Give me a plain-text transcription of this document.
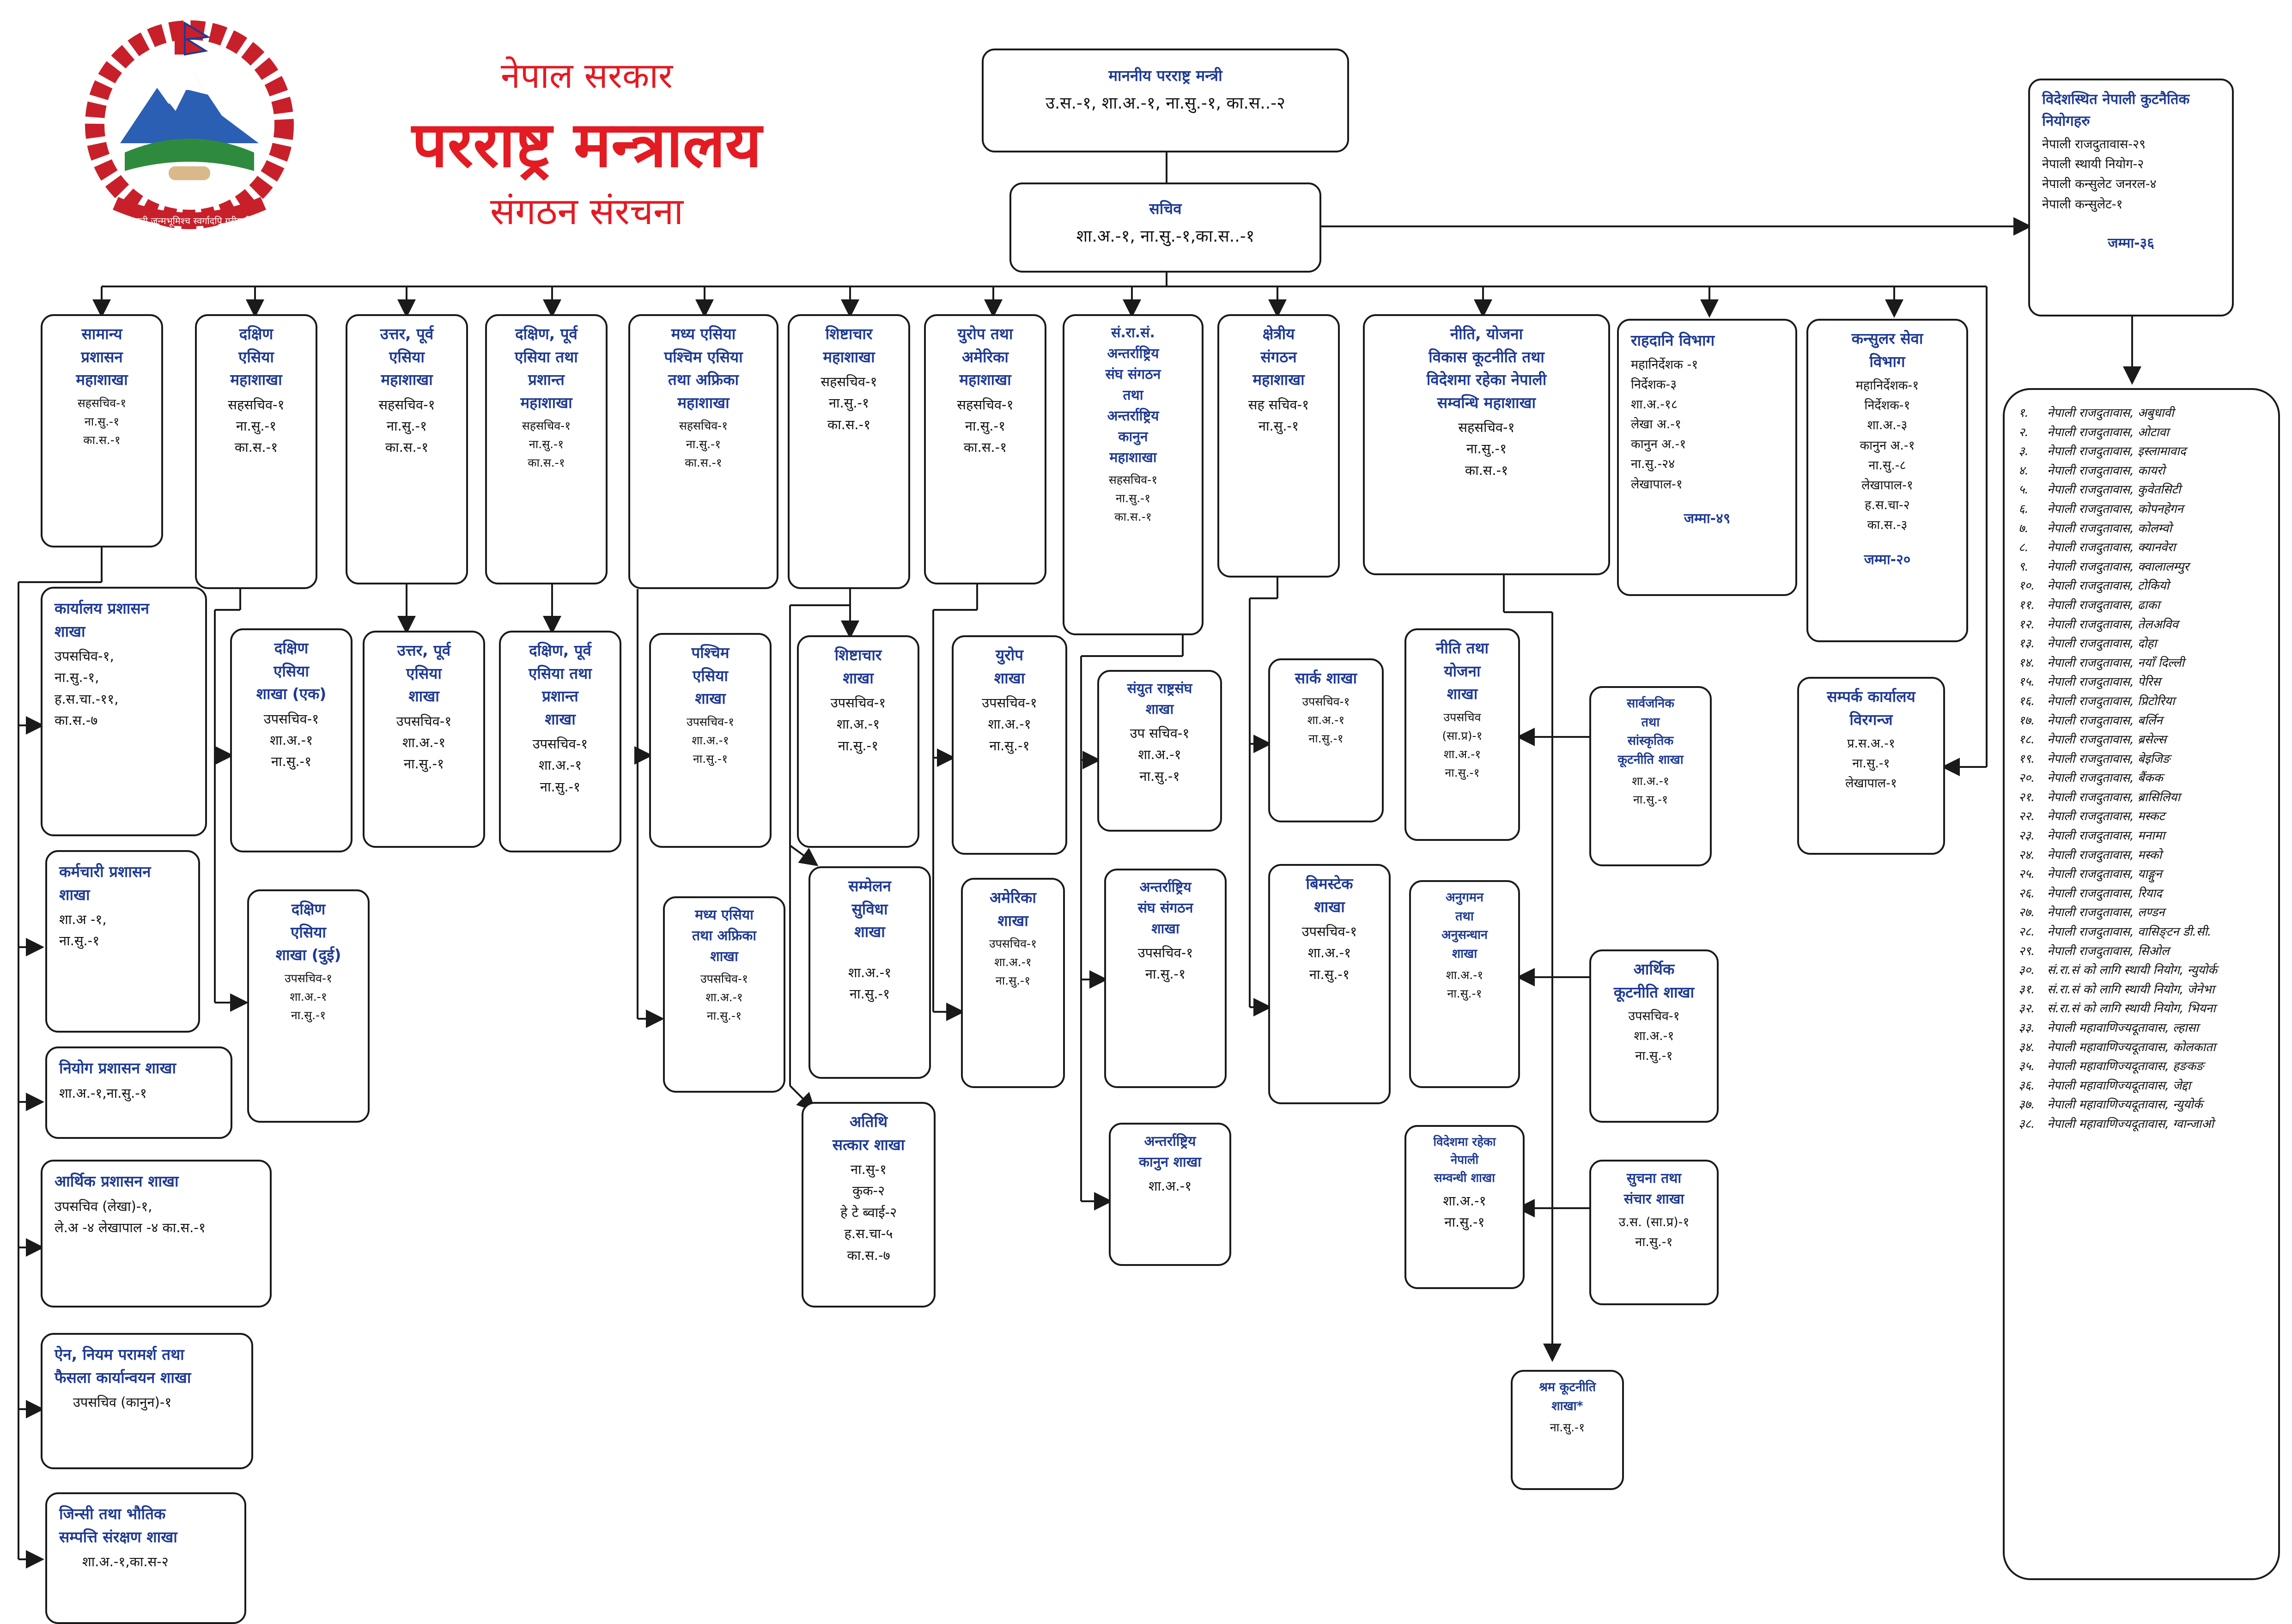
जननी जन्मभूमिश्च स्वर्गादपि गरीयसी
नेपाल सरकार
परराष्ट्र मन्त्रालय
संगठन संरचना
माननीय परराष्ट्र मन्त्री
उ.स.-१, शा.अ.-१, ना.सु.-१, का.स..-२
सचिव
शा.अ.-१, ना.सु.-१,का.स..-१
विदेशस्थित नेपाली कुटनैतिक नियोगहरु
नेपाली राजदुतावास-२९
नेपाली स्थायी नियोग-२
नेपाली कन्सुलेट जनरल-४
नेपाली कन्सुलेट-१
जम्मा-३६
१. नेपाली राजदुतावास, अबुधावी
२. नेपाली राजदुतावास, ओटावा
३. नेपाली राजदुतावास, इस्लामावाद
४. नेपाली राजदुतावास, कायरो
५. नेपाली राजदुतावास, कुवेतसिटी
६. नेपाली राजदुतावास, कोपनहेगन
७. नेपाली राजदुतावास, कोलम्वो
८. नेपाली राजदुतावास, क्यानवेरा
९. नेपाली राजदुतावास, क्वालालम्पुर
१०. नेपाली राजदुतावास, टोकियो
११. नेपाली राजदुतावास, ढाका
१२. नेपाली राजदुतावास, तेलअविव
१३. नेपाली राजदुतावास, दोहा
१४. नेपाली राजदुतावास, नयाँ दिल्ली
१५. नेपाली राजदुतावास, पेरिस
१६. नेपाली राजदुतावास, प्रिटोरिया
१७. नेपाली राजदुतावास, बर्लिन
१८. नेपाली राजदुतावास, ब्रसेल्स
१९. नेपाली राजदुतावास, बेइजिङ
२०. नेपाली राजदुतावास, बैंकक
२१. नेपाली राजदुतावास, ब्रासिलिया
२२. नेपाली राजदुतावास, मस्कट
२३. नेपाली राजदुतावास, मनामा
२४. नेपाली राजदुतावास, मस्को
२५. नेपाली राजदुतावास, याङ्गुन
२६. नेपाली राजदुतावास, रियाद
२७. नेपाली राजदुतावास, लण्डन
२८. नेपाली राजदुतावास, वासिङ्टन डी.सी.
२९. नेपाली राजदुतावास, सिओल
३०. सं.रा.सं को लागि स्थायी नियोग, न्युयोर्क
३१. सं.रा.सं को लागि स्थायी नियोग, जेनेभा
३२. सं.रा.सं को लागि स्थायी नियोग, भियना
३३. नेपाली महावाणिज्यदूतावास, ल्हासा
३४. नेपाली महावाणिज्यदूतावास, कोलकाता
३५. नेपाली महावाणिज्यदूतावास, हङकङ
३६. नेपाली महावाणिज्यदूतावास, जेद्दा
३७. नेपाली महावाणिज्यदूतावास, न्युयोर्क
३८. नेपाली महावाणिज्यदूतावास, ग्वान्जाओ
सामान्य
प्रशासन
महाशाखा
सहसचिव-१
ना.सु.-१
का.स.-१
दक्षिण
एसिया
महाशाखा
सहसचिव-१
ना.सु.-१
का.स.-१
उत्तर, पूर्व
एसिया
महाशाखा
सहसचिव-१
ना.सु.-१
का.स.-१
दक्षिण, पूर्व
एसिया तथा
प्रशान्त
महाशाखा
सहसचिव-१
ना.सु.-१
का.स.-१
मध्य एसिया
पश्चिम एसिया
तथा अफ्रिका
महाशाखा
सहसचिव-१
ना.सु.-१
का.स.-१
शिष्टाचार
महाशाखा
सहसचिव-१
ना.सु.-१
का.स.-१
युरोप तथा
अमेरिका
महाशाखा
सहसचिव-१
ना.सु.-१
का.स.-१
सं.रा.सं.
अन्तर्राष्ट्रिय
संघ संगठन
तथा
अन्तर्राष्ट्रिय
कानुन
महाशाखा
सहसचिव-१
ना.सु.-१
का.स.-१
क्षेत्रीय
संगठन
महाशाखा
सह सचिव-१
ना.सु.-१
नीति, योजना
विकास कूटनीति तथा
विदेशमा रहेका नेपाली
सम्वन्धि महाशाखा
सहसचिव-१
ना.सु.-१
का.स.-१
राहदानि विभाग
महानिर्देशक -१
निर्देशक-३
शा.अ.-१८
लेखा अ.-१
कानुन अ.-१
ना.सु.-२४
लेखापाल-१
जम्मा-४९
कन्सुलर सेवा
विभाग
महानिर्देशक-१
निर्देशक-१
शा.अ.-३
कानुन अ.-१
ना.सु.-८
लेखापाल-१
ह.स.चा-२
का.स.-३
जम्मा-२०
कार्यालय प्रशासन
शाखा
उपसचिव-१,
ना.सु.-१,
ह.स.चा.-११,
का.स.-७
कर्मचारी प्रशासन
शाखा
शा.अ -१,
ना.सु.-१
नियोग प्रशासन शाखा
शा.अ.-१,ना.सु.-१
आर्थिक प्रशासन शाखा
उपसचिव (लेखा)-१,
ले.अ -४ लेखापाल -४ का.स.-१
ऐन, नियम परामर्श तथा
फैसला कार्यान्वयन शाखा
उपसचिव (कानुन)-१
जिन्सी तथा भौतिक
सम्पत्ति संरक्षण शाखा
शा.अ.-१,का.स-२
दक्षिण
एसिया
शाखा (एक)
उपसचिव-१
शा.अ.-१
ना.सु.-१
दक्षिण
एसिया
शाखा (दुई)
उपसचिव-१
शा.अ.-१
ना.सु.-१
उत्तर, पूर्व
एसिया
शाखा
उपसचिव-१
शा.अ.-१
ना.सु.-१
दक्षिण, पूर्व
एसिया तथा
प्रशान्त
शाखा
उपसचिव-१
शा.अ.-१
ना.सु.-१
पश्चिम
एसिया
शाखा
उपसचिव-१
शा.अ.-१
ना.सु.-१
मध्य एसिया
तथा अफ्रिका
शाखा
उपसचिव-१
शा.अ.-१
ना.सु.-१
शिष्टाचार
शाखा
उपसचिव-१
शा.अ.-१
ना.सु.-१
सम्मेलन
सुविधा
शाखा
शा.अ.-१
ना.सु.-१
अतिथि
सत्कार शाखा
ना.सु-१
कुक-२
हे टे ब्वाई-२
ह.स.चा-५
का.स.-७
युरोप
शाखा
उपसचिव-१
शा.अ.-१
ना.सु.-१
अमेरिका
शाखा
उपसचिव-१
शा.अ.-१
ना.सु.-१
संयुत राष्ट्रसंघ
शाखा
उप सचिव-१
शा.अ.-१
ना.सु.-१
अन्तर्राष्ट्रिय
संघ संगठन
शाखा
उपसचिव-१
ना.सु.-१
अन्तर्राष्ट्रिय
कानुन शाखा
शा.अ.-१
सार्क शाखा
उपसचिव-१
शा.अ.-१
ना.सु.-१
बिमस्टेक
शाखा
उपसचिव-१
शा.अ.-१
ना.सु.-१
नीति तथा
योजना
शाखा
उपसचिव
(सा.प्र)-१
शा.अ.-१
ना.सु.-१
अनुगमन
तथा
अनुसन्धान
शाखा
शा.अ.-१
ना.सु.-१
विदेशमा रहेका
नेपाली
सम्वन्धी शाखा
शा.अ.-१
ना.सु.-१
सार्वजनिक
तथा
सांस्कृतिक
कूटनीति शाखा
शा.अ.-१
ना.सु.-१
आर्थिक
कूटनीति शाखा
उपसचिव-१
शा.अ.-१
ना.सु.-१
सुचना तथा
संचार शाखा
उ.स. (सा.प्र)-१
ना.सु.-१
श्रम कूटनीति
शाखा*
ना.सु.-१
सम्पर्क कार्यालय
विरगन्ज
प्र.स.अ.-१
ना.सु.-१
लेखापाल-१
